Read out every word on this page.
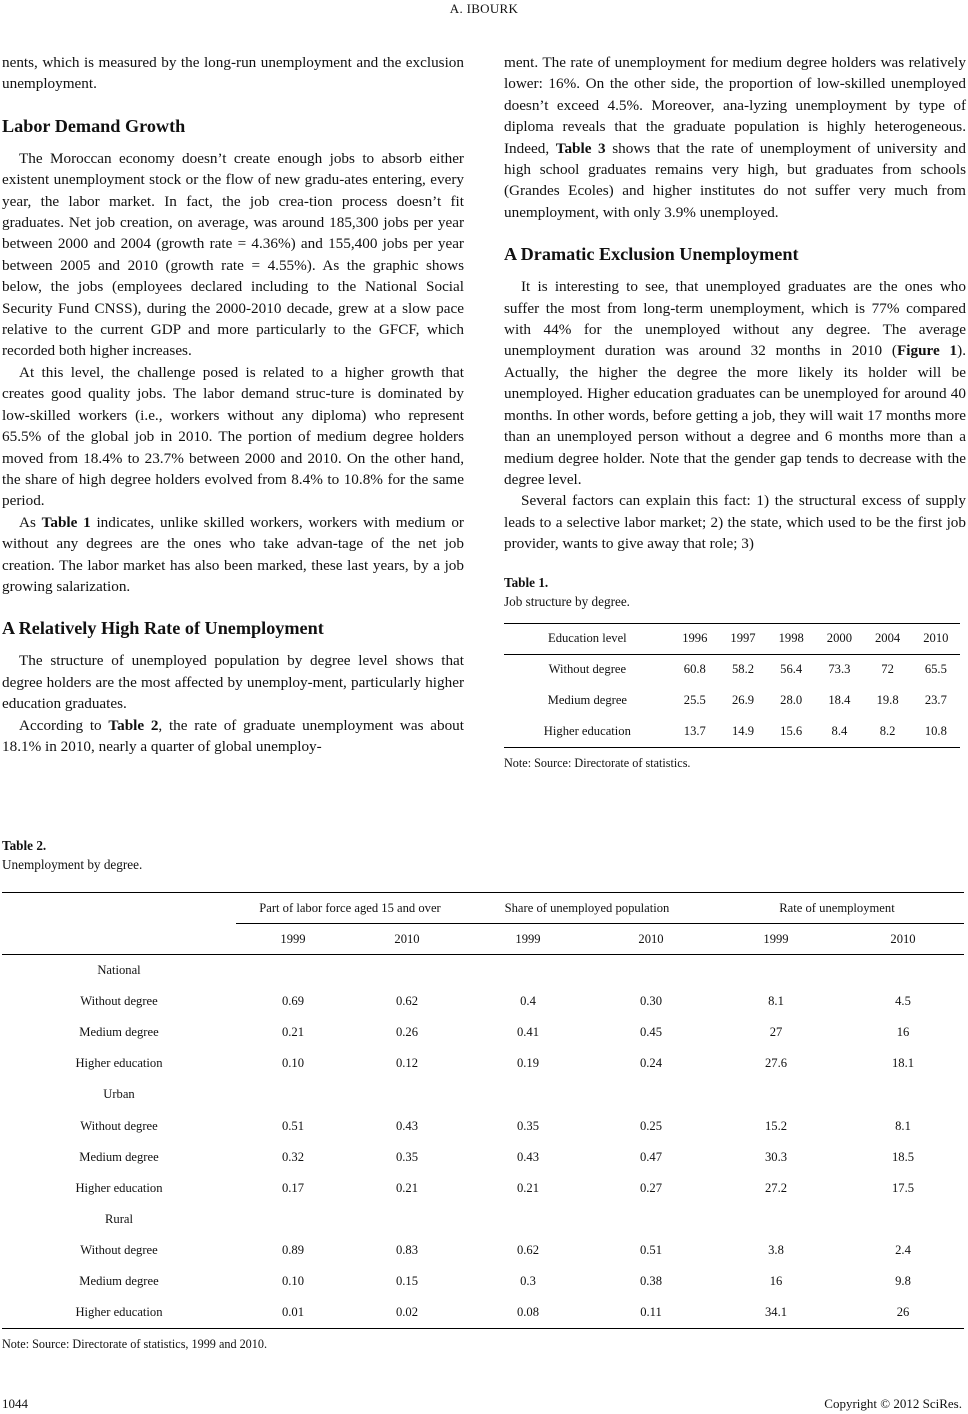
A. IBOURK

nents, which is measured by the long-run unemployment and the exclusion unemployment.

Labor Demand Growth

The Moroccan economy doesn’t create enough jobs to absorb either existent unemployment stock or the flow of new gradu-ates entering, every year, the labor market. In fact, the job crea-tion process doesn’t fit graduates. Net job creation, on average, was around 185,300 jobs per year between 2000 and 2004 (growth rate = 4.36%) and 155,400 jobs per year between 2005 and 2010 (growth rate = 4.55%). As the graphic shows below, the jobs (employees declared including to the National Social Security Fund CNSS), during the 2000-2010 decade, grew at a slow pace relative to the current GDP and more particularly to the GFCF, which recorded both higher increases.

At this level, the challenge posed is related to a higher growth that creates good quality jobs. The labor demand struc-ture is dominated by low-skilled workers (i.e., workers without any diploma) who represent 65.5% of the global job in 2010. The portion of medium degree holders moved from 18.4% to 23.7% between 2000 and 2010. On the other hand, the share of high degree holders evolved from 8.4% to 10.8% for the same period.

As Table 1 indicates, unlike skilled workers, workers with medium or without any degrees are the ones who take advan-tage of the net job creation. The labor market has also been marked, these last years, by a job growing salarization.

A Relatively High Rate of Unemployment

The structure of unemployed population by degree level shows that degree holders are the most affected by unemploy-ment, particularly higher education graduates.

According to Table 2, the rate of graduate unemployment was about 18.1% in 2010, nearly a quarter of global unemploy-

ment. The rate of unemployment for medium degree holders was relatively lower: 16%. On the other side, the proportion of low-skilled unemployed doesn’t exceed 4.5%. Moreover, ana-lyzing unemployment by type of diploma reveals that the graduate population is highly heterogeneous. Indeed, Table 3 shows that the rate of unemployment of university and high school graduates remains very high, but graduates from schools (Grandes Ecoles) and higher institutes do not suffer very much from unemployment, with only 3.9% unemployed.

A Dramatic Exclusion Unemployment

It is interesting to see, that unemployed graduates are the ones who suffer the most from long-term unemployment, which is 77% compared with 44% for the unemployed without any degree. The average unemployment duration was around 32 months in 2010 (Figure 1). Actually, the higher the degree the more likely its holder will be unemployed. Higher education graduates can be unemployed for around 40 months. In other words, before getting a job, they will wait 17 months more than an unemployed person without a degree and 6 months more than a medium degree holder. Note that the gender gap tends to decrease with the degree level.

Several factors can explain this fact: 1) the structural excess of supply leads to a selective labor market; 2) the state, which used to be the first job provider, wants to give away that role; 3)

Table 1.
Job structure by degree.
Education level	1996	1997	1998	2000	2004	2010
Without degree	60.8	58.2	56.4	73.3	72	65.5
Medium degree	25.5	26.9	28.0	18.4	19.8	23.7
Higher education	13.7	14.9	15.6	8.4	8.2	10.8
Note: Source: Directorate of statistics.
Table 2.
Unemployment by degree.
	Part of labor force aged 15 and over		Share of unemployed population		Rate of unemployment	
	1999	2010	1999	2010	1999	2010
National						
Without degree	0.69	0.62	0.4	0.30	8.1	4.5
Medium degree	0.21	0.26	0.41	0.45	27	16
Higher education	0.10	0.12	0.19	0.24	27.6	18.1
Urban						
Without degree	0.51	0.43	0.35	0.25	15.2	8.1
Medium degree	0.32	0.35	0.43	0.47	30.3	18.5
Higher education	0.17	0.21	0.21	0.27	27.2	17.5
Rural						
Without degree	0.89	0.83	0.62	0.51	3.8	2.4
Medium degree	0.10	0.15	0.3	0.38	16	9.8
Higher education	0.01	0.02	0.08	0.11	34.1	26
Note: Source: Directorate of statistics, 1999 and 2010.
1044	Copyright © 2012 SciRes.
